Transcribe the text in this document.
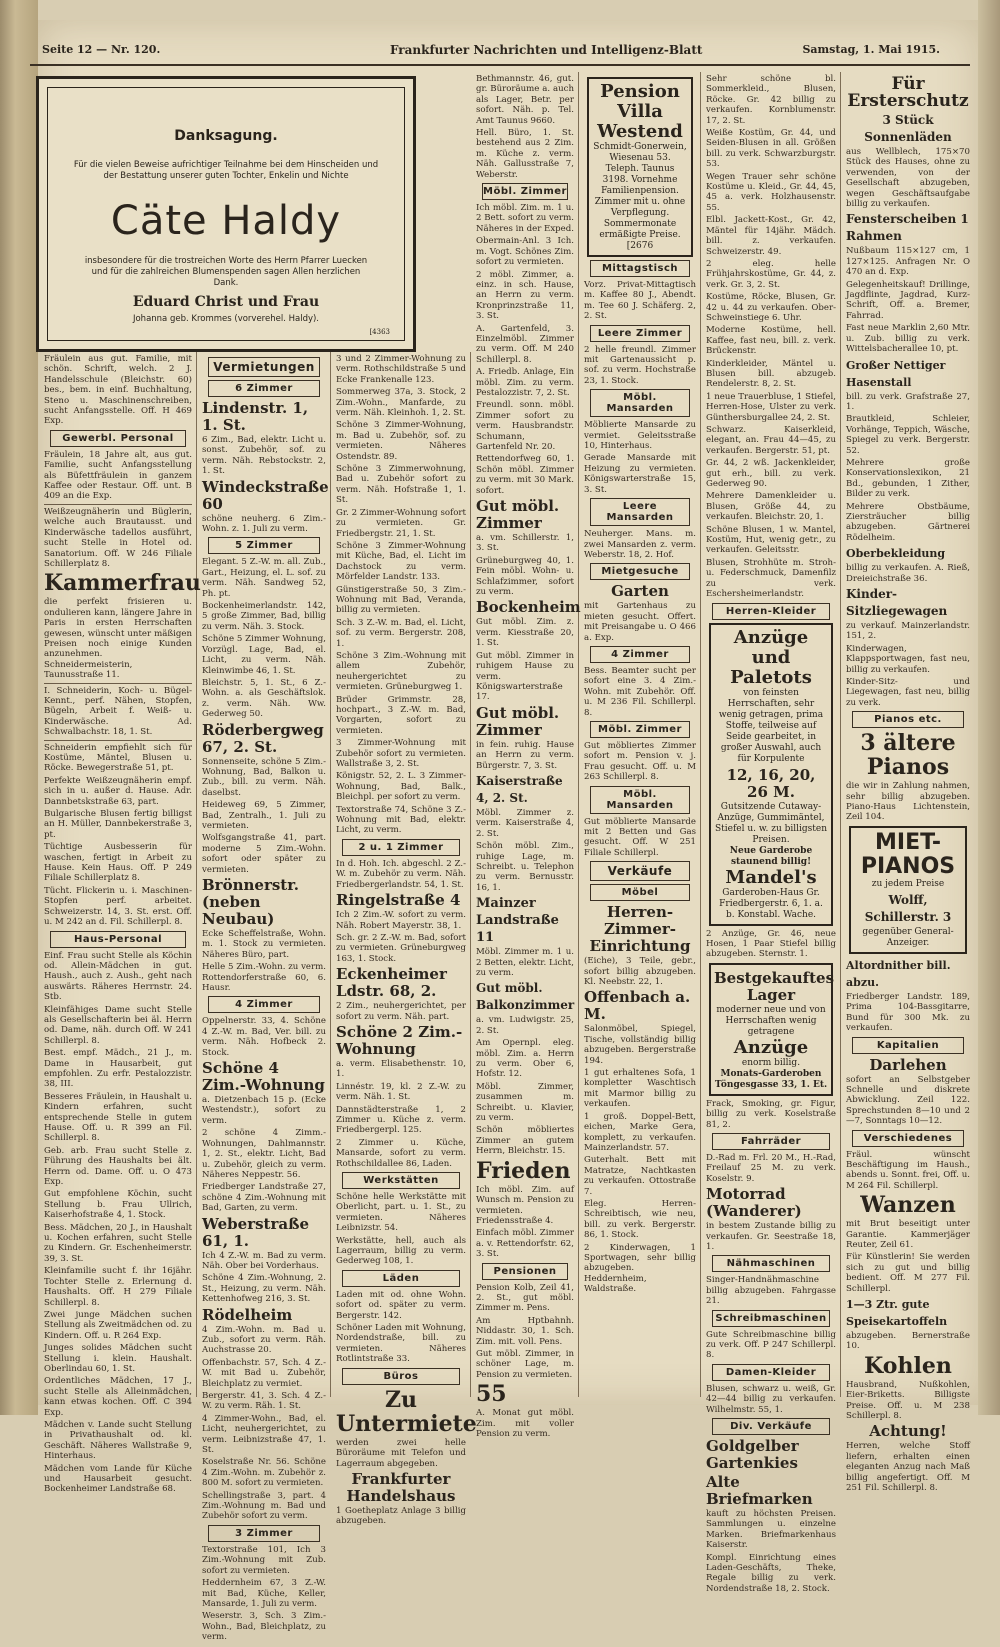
Seite 12 — Nr. 120.	Frankfurter Nachrichten und Intelligenz-Blatt	Samstag, 1. Mai 1915.
Danksagung.
Für die vielen Beweise aufrichtiger Teilnahme bei dem Hinscheiden und der Bestattung unserer guten Tochter, Enkelin und Nichte
Cäte Haldy
insbesondere für die trostreichen Worte des Herrn Pfarrer Luecken und für die zahlreichen Blumenspenden sagen Allen herzlichen Dank.
Eduard Christ und Frau
Johanna geb. Krommes (vorverehel. Haldy).
[4363

Fräulein aus gut. Familie, mit schön. Schrift, welch. 2 J. Handelsschule (Bleichstr. 60) bes., bem. in einf. Buchhaltung, Steno u. Maschinenschreiben, sucht Anfangsstelle. Off. H 469 Exp.

Gewerbl. Personal

Fräulein, 18 Jahre alt, aus gut. Familie, sucht Anfangsstellung als Büfettfräulein in ganzem Kaffee oder Restaur. Off. unt. B 409 an die Exp.

Weißzeugnäherin und Büglerin, welche auch Brautausst. und Kinderwäsche tadellos ausführt, sucht Stelle in Hotel od. Sanatorium. Off. W 246 Filiale Schillerplatz 8.

Kammerfrau

die perfekt frisieren u. ondulieren kann, längere Jahre in Paris in ersten Herrschaften gewesen, wünscht unter mäßigen Preisen noch einige Kunden anzunehmen. Schneidermeisterin, Taunusstraße 11.

I. Schneiderin, Koch- u. Bügel-Kennt., perf. Nähen, Stopfen, Bügeln, Arbeit f. Weiß- u. Kinderwäsche. Ad. Schwalbachstr. 18, 1. St.

Schneiderin empfiehlt sich für Kostüme, Mäntel, Blusen u. Röcke. Bewegerstraße 51, pt.

Perfekte Weißzeugnäherin empf. sich in u. außer d. Hause. Adr. Dannbetskstraße 63, part.

Bulgarische Blusen fertig billigst an H. Müller, Dannbekerstraße 3, pt.

Tüchtige Ausbesserin für waschen, fertigt in Arbeit zu Hause. Kein Haus. Off. P 249 Filiale Schillerplatz 8.

Tücht. Flickerin u. i. Maschinen-Stopfen perf. arbeitet. Schweizerstr. 14, 3. St. erst. Off. u. M 242 an d. Fil. Schillerpl. 8.

Haus-Personal

Einf. Frau sucht Stelle als Köchin od. Allein-Mädchen in gut. Haush., auch z. Aush., geht nach auswärts. Räheres Herrnstr. 24. Stb.

Kleinfähiges Dame sucht Stelle als Gesellschafterin bei äl. Herrn od. Dame, näh. durch Off. W 241 Schillerpl. 8.

Best. empf. Mädch., 21 J., m. Dame in Hausarbeit, gut empfohlen. Zu erfr. Pestalozzistr. 38, III.

Besseres Fräulein, in Haushalt u. Kindern erfahren, sucht entsprechende Stelle in gutem Hause. Off. u. R 399 an Fil. Schillerpl. 8.

Geb. arb. Frau sucht Stelle z. Führung des Haushalts bei ält. Herrn od. Dame. Off. u. O 473 Exp.

Gut empfohlene Köchin, sucht Stellung b. Frau Ullrich, Kaiserhofstraße 4, 1. Stock.

Bess. Mädchen, 20 J., in Haushalt u. Kochen erfahren, sucht Stelle zu Kindern. Gr. Eschenheimerstr. 39, 3. St.

Kleinfamilie sucht f. ihr 16jähr. Tochter Stelle z. Erlernung d. Haushalts. Off. H 279 Filiale Schillerpl. 8.

Zwei junge Mädchen suchen Stellung als Zweitmädchen od. zu Kindern. Off. u. R 264 Exp.

Junges solides Mädchen sucht Stellung i. klein. Haushalt. Oberlindau 60, 1. St.

Ordentliches Mädchen, 17 J., sucht Stelle als Alleinmädchen, kann etwas kochen. Off. C 394 Exp.

Mädchen v. Lande sucht Stellung in Privathaushalt od. kl. Geschäft. Näheres Wallstraße 9, Hinterhaus.

Mädchen vom Lande für Küche und Hausarbeit gesucht. Bockenheimer Landstraße 68.

Vermietungen
6 Zimmer
Lindenstr. 1, 1. St.

6 Zim., Bad, elektr. Licht u. sonst. Zubehör, sof. zu verm. Näh. Rebstockstr. 2, 1. St.

Windeckstraße 60

schöne neuherg. 6 Zim.-Wohn. z. 1. Juli zu verm.

5 Zimmer

Elegant. 5 Z.-W. m. all. Zub., Gart., Heizung, el. L. sof. zu verm. Näh. Sandweg 52, Ph. pt.

Bockenheimerlandstr. 142, 5 große Zimmer, Bad, billig zu verm. Näh. 3. Stock.

Schöne 5 Zimmer Wohnung, Vorzügl. Lage, Bad, el. Licht, zu verm. Näh. Kleinwimbe 46, 1. St.

Bleichstr. 5, 1. St., 6 Z.-Wohn. a. als Geschäftslok. z. verm. Näh. Ww. Gederweg 50.

Röderbergweg 67, 2. St.

Sonnenseite, schöne 5 Zim.-Wohnung, Bad, Balkon u. Zub., bill. zu verm. Näh. daselbst.

Heideweg 69, 5 Zimmer, Bad, Zentralh., 1. Juli zu vermieten.

Wolfsgangstraße 41, part. moderne 5 Zim.-Wohn. sofort oder später zu vermieten.

Brönnerstr. (neben Neubau)

Ecke Scheffelstraße, Wohn. m. 1. Stock zu vermieten. Näheres Büro, part.

Helle 5 Zim.-Wohn. zu verm. Rottendorferstraße 60, 6. Hausr.

4 Zimmer

Oppelnerstr. 33, 4. Schöne 4 Z.-W. m. Bad, Ver. bill. zu verm. Näh. Hofbeck 2. Stock.

Schöne 4 Zim.-Wohnung

a. Dietzenbach 15 p. (Ecke Westendstr.), sofort zu verm.

2 schöne 4 Zimm.-Wohnungen, Dahlmannstr. 1, 2. St., elektr. Licht, Bad u. Zubehör, gleich zu verm. Näheres Neppestr. 56.

Friedberger Landstraße 27, schöne 4 Zim.-Wohnung mit Bad, Garten, zu verm.

Weberstraße 61, 1.

Ich 4 Z.-W. m. Bad zu verm. Näh. Ober bei Vorderhaus.

Schöne 4 Zim.-Wohnung, 2. St., Heizung, zu verm. Näh. Kettenhofweg 216, 3. St.

Rödelheim

4 Zim.-Wohn. m. Bad u. Zub., sofort zu verm. Räh. Auchstrasse 20.

Offenbachstr. 57, Sch. 4 Z.-W. mit Bad u. Zubehör, Bleichplatz zu vermiet.

Bergerstr. 41, 3. Sch. 4 Z.-W. zu verm. Räh. 1. St.

4 Zimmer-Wohn., Bad, el. Licht, neuhergerichtet, zu verm. Leibnizstraße 47, 1. St.

Koselstraße Nr. 56. Schöne 4 Zim.-Wohn. m. Zubehör z. 800 M. sofort zu vermieten.

Schellingstraße 3, part. 4 Zim.-Wohnung m. Bad und Zubehör sofort zu verm.

3 Zimmer

Textorstraße 101, Ich 3 Zim.-Wohnung mit Zub. sofort zu vermieten.

Heddernheim 67, 3 Z.-W. mit Bad, Küche, Keller, Mansarde, 1. Juli zu verm.

Weserstr. 3, Sch. 3 Zim.-Wohn., Bad, Bleichplatz, zu verm.

3 und 2 Zimmer-Wohnung zu verm. Rothschildstraße 5 und Ecke Frankenalle 123.

Sommerweg 37a, 3. Stock, 2 Zim.-Wohn., Manfarde, zu verm. Näh. Kleinhoh. 1, 2. St.

Schöne 3 Zimmer-Wohnung, m. Bad u. Zubehör, sof. zu vermieten. Näheres Ostendstr. 89.

Schöne 3 Zimmerwohnung, Bad u. Zubehör sofort zu verm. Näh. Hofstraße 1, 1. St.

Gr. 2 Zimmer-Wohnung sofort zu vermieten. Gr. Friedbergstr. 21, 1. St.

Schöne 3 Zimmer-Wohnung mit Küche, Bad, el. Licht im Dachstock zu verm. Mörfelder Landstr. 133.

Günstigerstraße 50, 3 Zim.-Wohnung mit Bad, Veranda, billig zu vermieten.

Sch. 3 Z.-W. m. Bad, el. Licht, sof. zu verm. Bergerstr. 208, 1.

Schöne 3 Zim.-Wohnung mit allem Zubehör, neuhergerichtet zu vermieten. Grüneburgweg 1.

Brüder Grimmstr. 28, hochpart., 3 Z.-W. m. Bad, Vorgarten, sofort zu vermieten.

3 Zimmer-Wohnung mit Zubehör sofort zu vermieten. Wallstraße 3, 2. St.

Königstr. 52, 2. L. 3 Zimmer-Wohnung, Bad, Balk., Bleichpl. per sofort zu verm.

Textorstraße 74, Schöne 3 Z.-Wohnung mit Bad, elektr. Licht, zu verm.

2 u. 1 Zimmer

In d. Hoh. Ich. abgeschl. 2 Z.-W. m. Zubehör zu verm. Näh. Friedbergerlandstr. 54, 1. St.

Ringelstraße 4

Ich 2 Zim.-W. sofort zu verm. Näh. Robert Mayerstr. 38, 1.

Sch. gr. 2 Z.-W. m. Bad, sofort zu vermieten. Grüneburgweg 163, 1. Stock.

Eckenheimer Ldstr. 68, 2.

2 Zim., neuhergerichtet, per sofort zu verm. Näh. part.

Schöne 2 Zim.-Wohnung

a. verm. Elisabethenstr. 10, 1.

Linnéstr. 19, kl. 2 Z.-W. zu verm. Näh. 1. St.

Dannstädterstraße 1, 2 Zimmer u. Küche z. verm. Friedbergerpl. 125.

2 Zimmer u. Küche, Mansarde, sofort zu verm. Rothschildallee 86, Laden.

Werkstätten

Schöne helle Werkstätte mit Oberlicht, part. u. 1. St., zu vermieten. Näheres Leibnizstr. 54.

Werkstätte, hell, auch als Lagerraum, billig zu verm. Gederweg 108, 1.

Läden

Laden mit od. ohne Wohn. sofort od. später zu verm. Bergerstr. 142.

Schöner Laden mit Wohnung, Nordendstraße, bill. zu vermieten. Näheres Rotlintstraße 33.

Büros
Zu Untermiete

werden zwei helle Büroräume mit Telefon und Lagerraum abgegeben.

Frankfurter Handelshaus

1 Goetheplatz Anlage 3 billig abzugeben.

Bethmannstr. 46, gut. gr. Büroräume a. auch als Lager, Betr. per sofort. Näh. p. Tel. Amt Taunus 9660.

Hell. Büro, 1. St. bestehend aus 2 Zim. m. Küche z. verm. Näh. Gallusstraße 7, Weberstr.

Möbl. Zimmer

Ich möbl. Zim. m. 1 u. 2 Bett. sofort zu verm. Näheres in der Exped.

Obermain-Anl. 3 Ich. m. Vogt. Schönes Zim. sofort zu vermieten.

2 möbl. Zimmer, a. einz. in sch. Hause, an Herrn zu verm. Kronprinzstraße 11, 3. St.

A. Gartenfeld, 3. Einzelmöbl. Zimmer zu verm. Off. M 240 Schillerpl. 8.

A. Friedb. Anlage, Ein möbl. Zim. zu verm. Pestalozzistr. 7, 2. St.

Freundl. sonn. möbl. Zimmer sofort zu verm. Hausbrandstr. Schumann, Gartenfeld Nr. 20.

Rettendorfweg 60, 1. Schön möbl. Zimmer zu verm. mit 30 Mark. sofort.

Gut möbl. Zimmer

a. vm. Schillerstr. 1, 3. St.

Grüneburgweg 40, 1. Fein möbl. Wohn- u. Schlafzimmer, sofort zu verm.

Bockenheim

Gut möbl. Zim. z. verm. Kiesstraße 20, 1. St.

Gut möbl. Zimmer in ruhigem Hause zu verm. Königswarterstraße 17.

Gut möbl. Zimmer

in fein. ruhig. Hause an Herrn zu verm. Bürgerstr. 7, 3. St.

Kaiserstraße 4, 2. St.

Möbl. Zimmer z. verm. Kaiserstraße 4, 2. St.

Schön möbl. Zim., ruhige Lage, m. Schreibt. u. Telephon zu verm. Bernusstr. 16, 1.

Mainzer Landstraße 11

Möbl. Zimmer m. 1 u. 2 Betten, elektr. Licht, zu verm.

Gut möbl. Balkonzimmer

a. vm. Ludwigstr. 25, 2. St.

Am Opernpl. eleg. möbl. Zim. a. Herrn zu verm. Ober 6, Hofstr. 12.

Möbl. Zimmer, zusammen m. Schreibt. u. Klavier, zu verm.

Schön möbliertes Zimmer an gutem Herrn, Bleichstr. 15.

Frieden

Ich möbl. Zim. auf Wunsch m. Pension zu vermieten. Friedensstraße 4.

Einfach möbl. Zimmer a. v. Rettendorfstr. 62, 3. St.

Pensionen

Pension Kolb, Zeil 41, 2. St., gut möbl. Zimmer m. Pens.

Am Hptbahnh. Niddastr. 30, 1. Sch. Zim. mit. voll. Pens.

Gut möbl. Zimmer, in schöner Lage, m. Pension zu vermieten.

55

A. Monat gut möbl. Zim. mit voller Pension zu verm.

Pension Villa Westend
Schmidt-Gonerwein, Wiesenau 53. Teleph. Taunus 3198. Vornehme Familienpension. Zimmer mit u. ohne Verpflegung. Sommermonate ermäßigte Preise. [2676
Mittagstisch

Vorz. Privat-Mittagtisch m. Kaffee 80 J., Abendt. m. Tee 60 J. Schäferg. 2, 2. St.

Leere Zimmer

2 helle freundl. Zimmer mit Gartenaussicht p. sof. zu verm. Hochstraße 23, 1. Stock.

Möbl. Mansarden

Möblierte Mansarde zu vermiet. Geleitsstraße 10, Hinterhaus.

Gerade Mansarde mit Heizung zu vermieten. Königswarterstraße 15, 3. St.

Leere Mansarden

Neuherger. Mans. m. zwei Mansarden z. verm. Weberstr. 18, 2. Hof.

Mietgesuche
Garten

mit Gartenhaus zu mieten gesucht. Offert. mit Preisangabe u. O 466 a. Exp.

4 Zimmer

Bess. Beamter sucht per sofort eine 3. 4 Zim.-Wohn. mit Zubehör. Off. u. M 236 Fil. Schillerpl. 8.

Möbl. Zimmer

Gut möbliertes Zimmer sofort m. Pension v. j. Frau gesucht. Off. u. M 263 Schillerpl. 8.

Möbl. Mansarden

Gut möblierte Mansarde mit 2 Betten und Gas gesucht. Off. W 251 Filiale Schillerpl.

Verkäufe
Möbel
Herren-Zimmer-Einrichtung

(Eiche), 3 Teile, gebr., sofort billig abzugeben. Kl. Neebstr. 22, 1.

Offenbach a. M.

Salonmöbel, Spiegel, Tische, vollständig billig abzugeben. Bergerstraße 194.

1 gut erhaltenes Sofa, 1 kompletter Waschtisch mit Marmor billig zu verkaufen.

1 groß. Doppel-Bett, eichen, Marke Gera, komplett, zu verkaufen. Mainzerlandstr. 57.

Guterhalt. Bett mit Matratze, Nachtkasten zu verkaufen. Ottostraße 7.

Eleg. Herren-Schreibtisch, wie neu, bill. zu verk. Bergerstr. 86, 1. Stock.

2 Kinderwagen, 1 Sportwagen, sehr billig abzugeben. Heddernheim, Waldstraße.

Sehr schöne bl. Sommerkleid., Blusen, Röcke. Gr. 42 billig zu verkaufen. Kornblumenstr. 17, 2. St.

Weiße Kostüm, Gr. 44, und Seiden-Blusen in all. Größen bill. zu verk. Schwarzburgstr. 53.

Wegen Trauer sehr schöne Kostüme u. Kleid., Gr. 44, 45, 45 a. verk. Holzhausenstr. 55.

Elbl. Jackett-Kost., Gr. 42, Mäntel für 14jähr. Mädch. bill. z. verkaufen. Schweizerstr. 49.

2 eleg. helle Frühjahrskostüme, Gr. 44, z. verk. Gr. 3, 2. St.

Kostüme, Röcke, Blusen, Gr. 42 u. 44 zu verkaufen. Ober-Schweinstiege 6. Uhr.

Moderne Kostüme, hell. Kaffee, fast neu, bill. z. verk. Brückenstr.

Kinderkleider, Mäntel u. Blusen bill. abzugeb. Rendelerstr. 8, 2. St.

1 neue Trauerbluse, 1 Stiefel, Herren-Hose, Ulster zu verk. Günthersburgallee 24, 2. St.

Schwarz. Kaiserkleid, elegant, an. Frau 44—45, zu verkaufen. Bergerstr. 51, pt.

Gr. 44, 2 wß. Jackenkleider, gut erh., bill. zu verk. Gederweg 90.

Mehrere Damenkleider u. Blusen, Größe 44, zu verkaufen. Bleichstr. 20, 1.

Schöne Blusen, 1 w. Mantel, Kostüm, Hut, wenig getr., zu verkaufen. Geleitsstr.

Blusen, Strohhüte m. Stroh- u. Federschmuck, Damenfilz zu verk. Eschersheimerlandstr.

Herren-Kleider
Anzüge und Paletots
von feinsten Herrschaften, sehr wenig getragen, prima Stoffe, teilweise auf Seide gearbeitet, in großer Auswahl, auch für Korpulente
12, 16, 20, 26 M.
Gutsitzende Cutaway-Anzüge, Gummimäntel, Stiefel u. w. zu billigsten Preisen.
Neue Garderobe staunend billig!
Mandel's
Garderoben-Haus Gr. Friedbergerstr. 6, 1. a. b. Konstabl. Wache.

2 Anzüge, Gr. 46, neue Hosen, 1 Paar Stiefel billig abzugeben. Sternstr. 1.

Bestgekauftes Lager
moderner neue und von Herrschaften wenig getragene
Anzüge
enorm billig.
Monats-Garderoben Töngesgasse 33, 1. Et.

Frack, Smoking, gr. Figur, billig zu verk. Koselstraße 81, 2.

Fahrräder

D.-Rad m. Frl. 20 M., H.-Rad, Freilauf 25 M. zu verk. Koselstr. 9.

Motorrad (Wanderer)

in bestem Zustande billig zu verkaufen. Gr. Seestraße 18, 1.

Nähmaschinen

Singer-Handnähmaschine billig abzugeben. Fahrgasse 21.

Schreibmaschinen

Gute Schreibmaschine billig zu verk. Off. P 247 Schillerpl. 8.

Damen-Kleider

Blusen, schwarz u. weiß, Gr. 42—44 billig zu verkaufen. Wilhelmstr. 55, 1.

Div. Verkäufe
Goldgelber Gartenkies
Alte Briefmarken

kauft zu höchsten Preisen. Sammlungen u. einzelne Marken. Briefmarkenhaus Kaiserstr.

Kompl. Einrichtung eines Laden-Geschäfts, Theke, Regale billig zu verk. Nordendstraße 18, 2. Stock.

Für Ersterschutz
3 Stück Sonnenläden

aus Wellblech, 175×70 Stück des Hauses, ohne zu verwenden, von der Gesellschaft abzugeben, wegen Geschäftsaufgabe billig zu verkaufen.

Fensterscheiben 1 Rahmen

Nußbaum 115×127 cm, 1 127×125. Anfragen Nr. O 470 an d. Exp.

Gelegenheitskauf! Drillinge, Jagdflinte, Jagdrad, Kurz-Schrift, Off. a. Bremer, Fahrrad.

Fast neue Marklin 2,60 Mtr. u. Zub. billig zu verk. Wittelsbacherallee 10, pt.

Großer Nettiger Hasenstall

bill. zu verk. Grafstraße 27, 1.

Brautkleid, Schleier, Vorhänge, Teppich, Wäsche, Spiegel zu verk. Bergerstr. 52.

Mehrere große Konservationslexikon, 21 Bd., gebunden, 1 Zither, Bilder zu verk.

Mehrere Obstbäume, Ziersträucher billig abzugeben. Gärtnerei Rödelheim.

Oberbekleidung

billig zu verkaufen. A. Rieß, Dreieichstraße 36.

Kinder-Sitzliegewagen

zu verkauf. Mainzerlandstr. 151, 2.

Kinderwagen, Klappsportwagen, fast neu, billig zu verkaufen.

Kinder-Sitz- und Liegewagen, fast neu, billig zu verk.

Pianos etc.
3 ältere Pianos

die wir in Zahlung nahmen, sehr billig abzugeben. Piano-Haus Lichtenstein, Zeil 104.

MIET-PIANOS
zu jedem Preise
Wolff, Schillerstr. 3
gegenüber General-Anzeiger.
Altordnither bill. abzu.

Friedberger Landstr. 189, Prima 104-Bassgitarre, Bund für 300 Mk. zu verkaufen.

Kapitalien
Darlehen

sofort an Selbstgeber Schnelle und diskrete Abwicklung. Zeil 122. Sprechstunden 8—10 und 2—7, Sonntags 10—12.

Verschiedenes

Fräul. wünscht Beschäftigung im Haush., abends u. Sonnt. frei, Off. u. M 264 Fil. Schillerpl.

Wanzen

mit Brut beseitigt unter Garantie. Kammerjäger Reuter, Zeil 61.

Für Künstlerin! Sie werden sich zu gut und billig bedient. Off. M 277 Fil. Schillerpl.

1—3 Ztr. gute Speisekartoffeln

abzugeben. Bernerstraße 10.

Kohlen

Hausbrand, Nußkohlen, Eier-Briketts. Billigste Preise. Off. u. M 238 Schillerpl. 8.

Achtung!

Herren, welche Stoff liefern, erhalten einen eleganten Anzug nach Maß billig angefertigt. Off. M 251 Fil. Schillerpl. 8.
